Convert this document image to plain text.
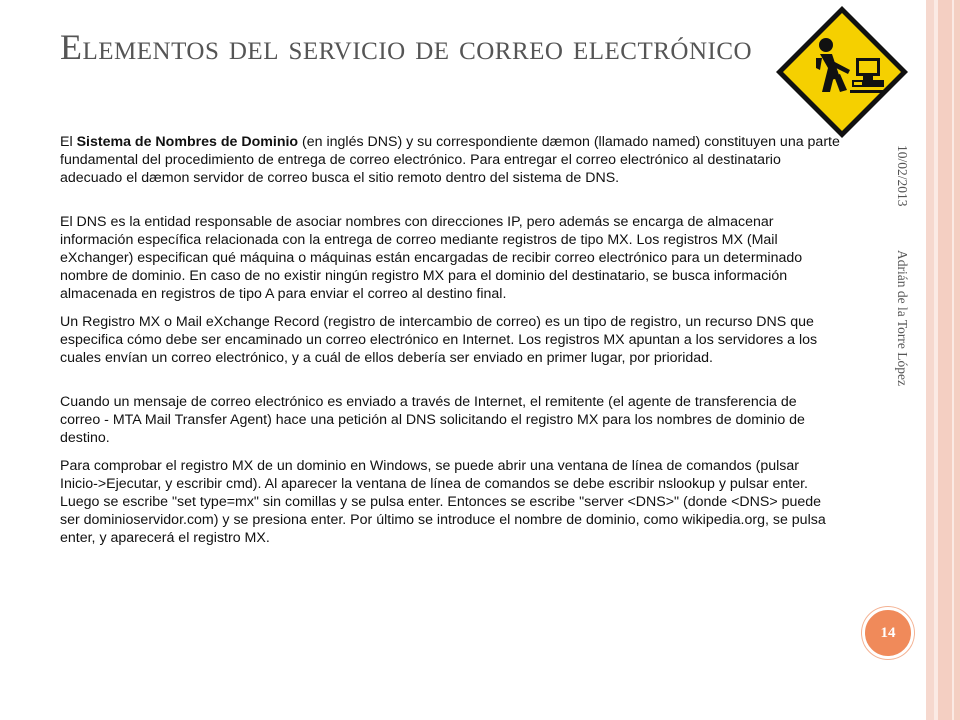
Elementos del servicio de correo electrónico

El Sistema de Nombres de Dominio (en inglés DNS) y su correspondiente dæmon (llamado named) constituyen una parte fundamental del procedimiento de entrega de correo electrónico. Para entregar el correo electrónico al destinatario adecuado el dæmon servidor de correo busca el sitio remoto dentro del sistema de DNS.

El DNS es la entidad responsable de asociar nombres con direcciones IP, pero además se encarga de almacenar información específica relacionada con la entrega de correo mediante registros de tipo MX. Los registros MX (Mail eXchanger) especifican qué máquina o máquinas están encargadas de recibir correo electrónico para un determinado nombre de dominio. En caso de no existir ningún registro MX para el dominio del destinatario, se busca información almacenada en registros de tipo A para enviar el correo al destino final.

Un Registro MX o Mail eXchange Record (registro de intercambio de correo) es un tipo de registro, un recurso DNS que especifica cómo debe ser encaminado un correo electrónico en Internet. Los registros MX apuntan a los servidores a los cuales envían un correo electrónico, y a cuál de ellos debería ser enviado en primer lugar, por prioridad.

Cuando un mensaje de correo electrónico es enviado a través de Internet, el remitente (el agente de transferencia de correo - MTA Mail Transfer Agent) hace una petición al DNS solicitando el registro MX para los nombres de dominio de destino.

Para comprobar el registro MX de un dominio en Windows, se puede abrir una ventana de línea de comandos (pulsar Inicio->Ejecutar, y escribir cmd). Al aparecer la ventana de línea de comandos se debe escribir nslookup y pulsar enter. Luego se escribe "set type=mx" sin comillas y se pulsa enter. Entonces se escribe "server <DNS>" (donde <DNS> puede ser dominioservidor.com) y se presiona enter. Por último se introduce el nombre de dominio, como wikipedia.org, se pulsa enter, y aparecerá el registro MX.

10/02/2013
Adrián de la Torre López
14
